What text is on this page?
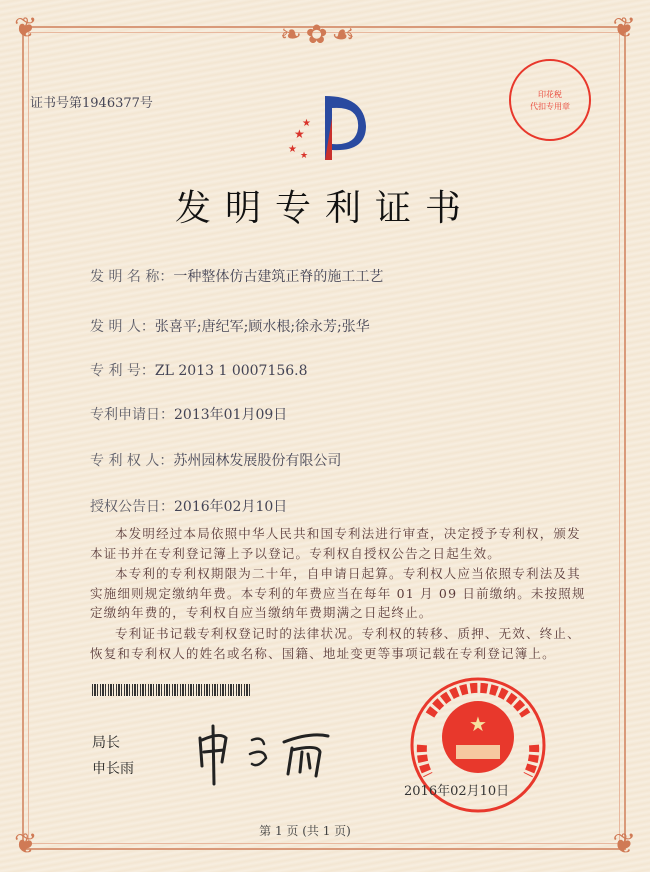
❦	❦
❦	❦
❧✿☙
证书号第1946377号
★
★
★
★
印花税
代扣专用章
发明专利证书
发 明 名 称：一种整体仿古建筑正脊的施工工艺
发 明 人：张喜平;唐纪军;顾水根;徐永芳;张华
专 利 号：ZL 2013 1 0007156.8
专利申请日：2013年01月09日
专 利 权 人：苏州园林发展股份有限公司
授权公告日：2016年02月10日

本发明经过本局依照中华人民共和国专利法进行审查，决定授予专利权，颁发本证书并在专利登记簿上予以登记。专利权自授权公告之日起生效。

本专利的专利权期限为二十年，自申请日起算。专利权人应当依照专利法及其实施细则规定缴纳年费。本专利的年费应当在每年 01 月 09 日前缴纳。未按照规定缴纳年费的，专利权自应当缴纳年费期满之日起终止。

专利证书记载专利权登记时的法律状况。专利权的转移、质押、无效、终止、恢复和专利权人的姓名或名称、国籍、地址变更等事项记载在专利登记簿上。

局长
申长雨
★
2016年02月10日
第 1 页 (共 1 页)
